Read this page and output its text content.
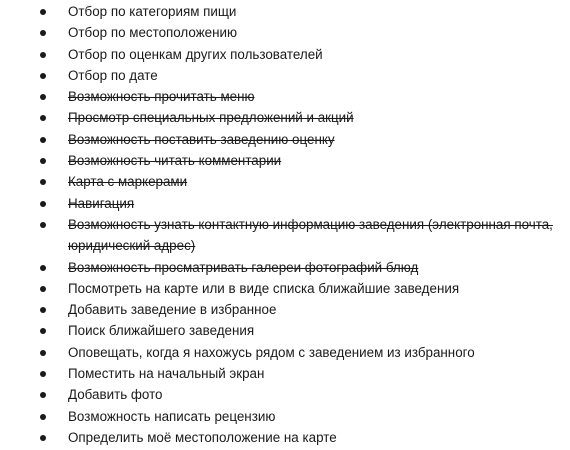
Отбор по категориям пищи
Отбор по местоположению
Отбор по оценкам других пользователей
Отбор по дате
Возможность прочитать меню
Просмотр специальных предложений и акций
Возможность поставить заведению оценку
Возможность читать комментарии
Карта с маркерами
Навигация
Возможность узнать контактную информацию заведения (электронная почта, юридический адрес)
Возможность просматривать галереи фотографий блюд
Посмотреть на карте или в виде списка ближайшие заведения
Добавить заведение в избранное
Поиск ближайшего заведения
Оповещать, когда я нахожусь рядом с заведением из избранного
Поместить на начальный экран
Добавить фото
Возможность написать рецензию
Определить моё местоположение на карте
